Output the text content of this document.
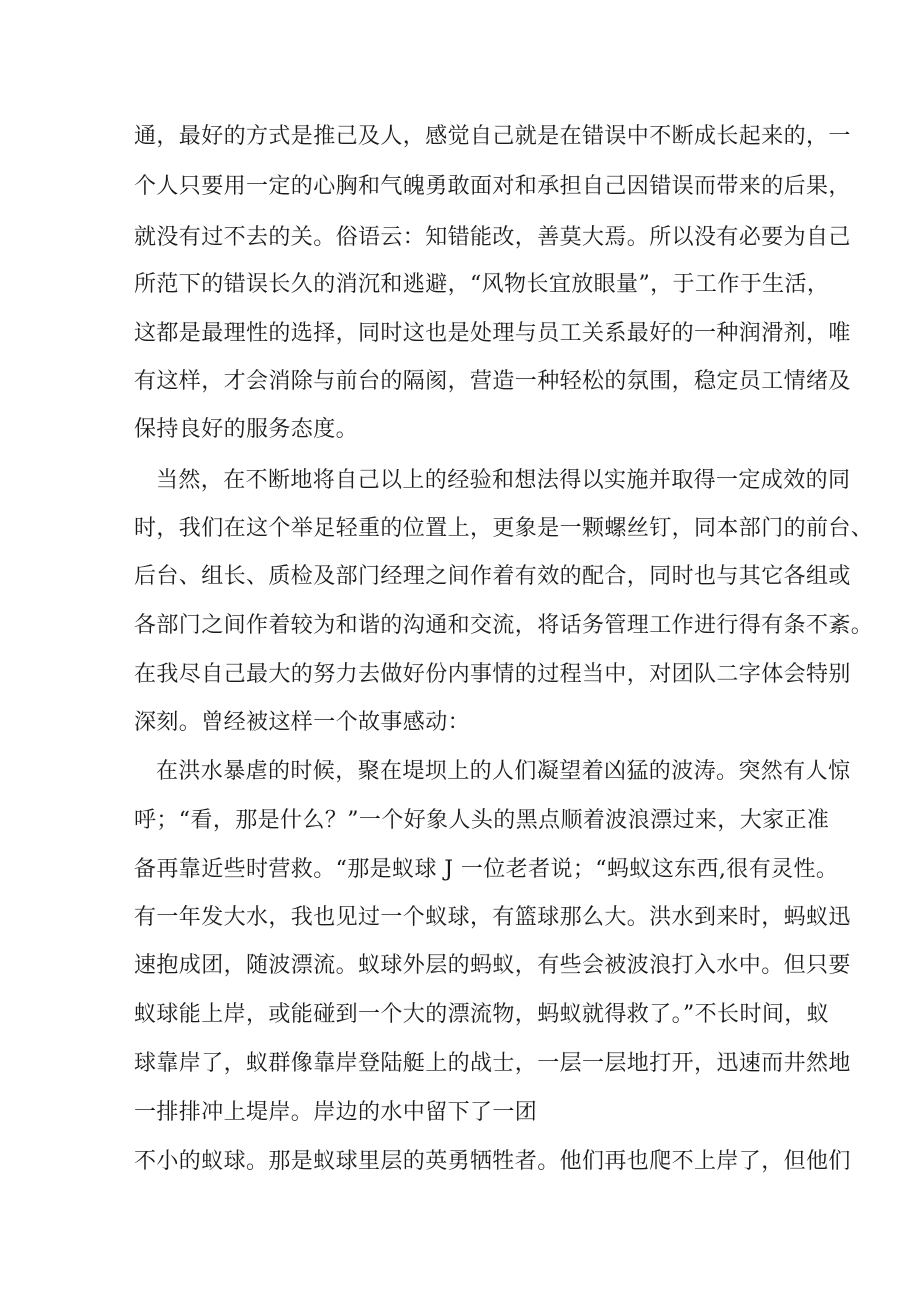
通，最好的方式是推己及人，感觉自己就是在错误中不断成长起来的，一
个人只要用一定的心胸和气魄勇敢面对和承担自己因错误而带来的后果，
就没有过不去的关。俗语云：知错能改，善莫大焉。所以没有必要为自己
所范下的错误长久的消沉和逃避，“风物长宜放眼量”，于工作于生活，
这都是最理性的选择，同时这也是处理与员工关系最好的一种润滑剂，唯
有这样，才会消除与前台的隔阂，营造一种轻松的氛围，稳定员工情绪及
保持良好的服务态度。
当然，在不断地将自己以上的经验和想法得以实施并取得一定成效的同
时，我们在这个举足轻重的位置上，更象是一颗螺丝钉，同本部门的前台、
后台、组长、质检及部门经理之间作着有效的配合，同时也与其它各组或
各部门之间作着较为和谐的沟通和交流，将话务管理工作进行得有条不紊。
在我尽自己最大的努力去做好份内事情的过程当中，对团队二字体会特别
深刻。曾经被这样一个故事感动：
在洪水暴虐的时候，聚在堤坝上的人们凝望着凶猛的波涛。突然有人惊
呼；“看，那是什么？”一个好象人头的黑点顺着波浪漂过来，大家正准
备再靠近些时营救。“那是蚁球 J 一位老者说；“蚂蚁这东西,很有灵性。
有一年发大水，我也见过一个蚁球，有篮球那么大。洪水到来时，蚂蚁迅
速抱成团，随波漂流。蚁球外层的蚂蚁，有些会被波浪打入水中。但只要
蚁球能上岸，或能碰到一个大的漂流物，蚂蚁就得救了。”不长时间，蚁
球靠岸了，蚁群像靠岸登陆艇上的战士，一层一层地打开，迅速而井然地
一排排冲上堤岸。岸边的水中留下了一团
不小的蚁球。那是蚁球里层的英勇牺牲者。他们再也爬不上岸了，但他们
